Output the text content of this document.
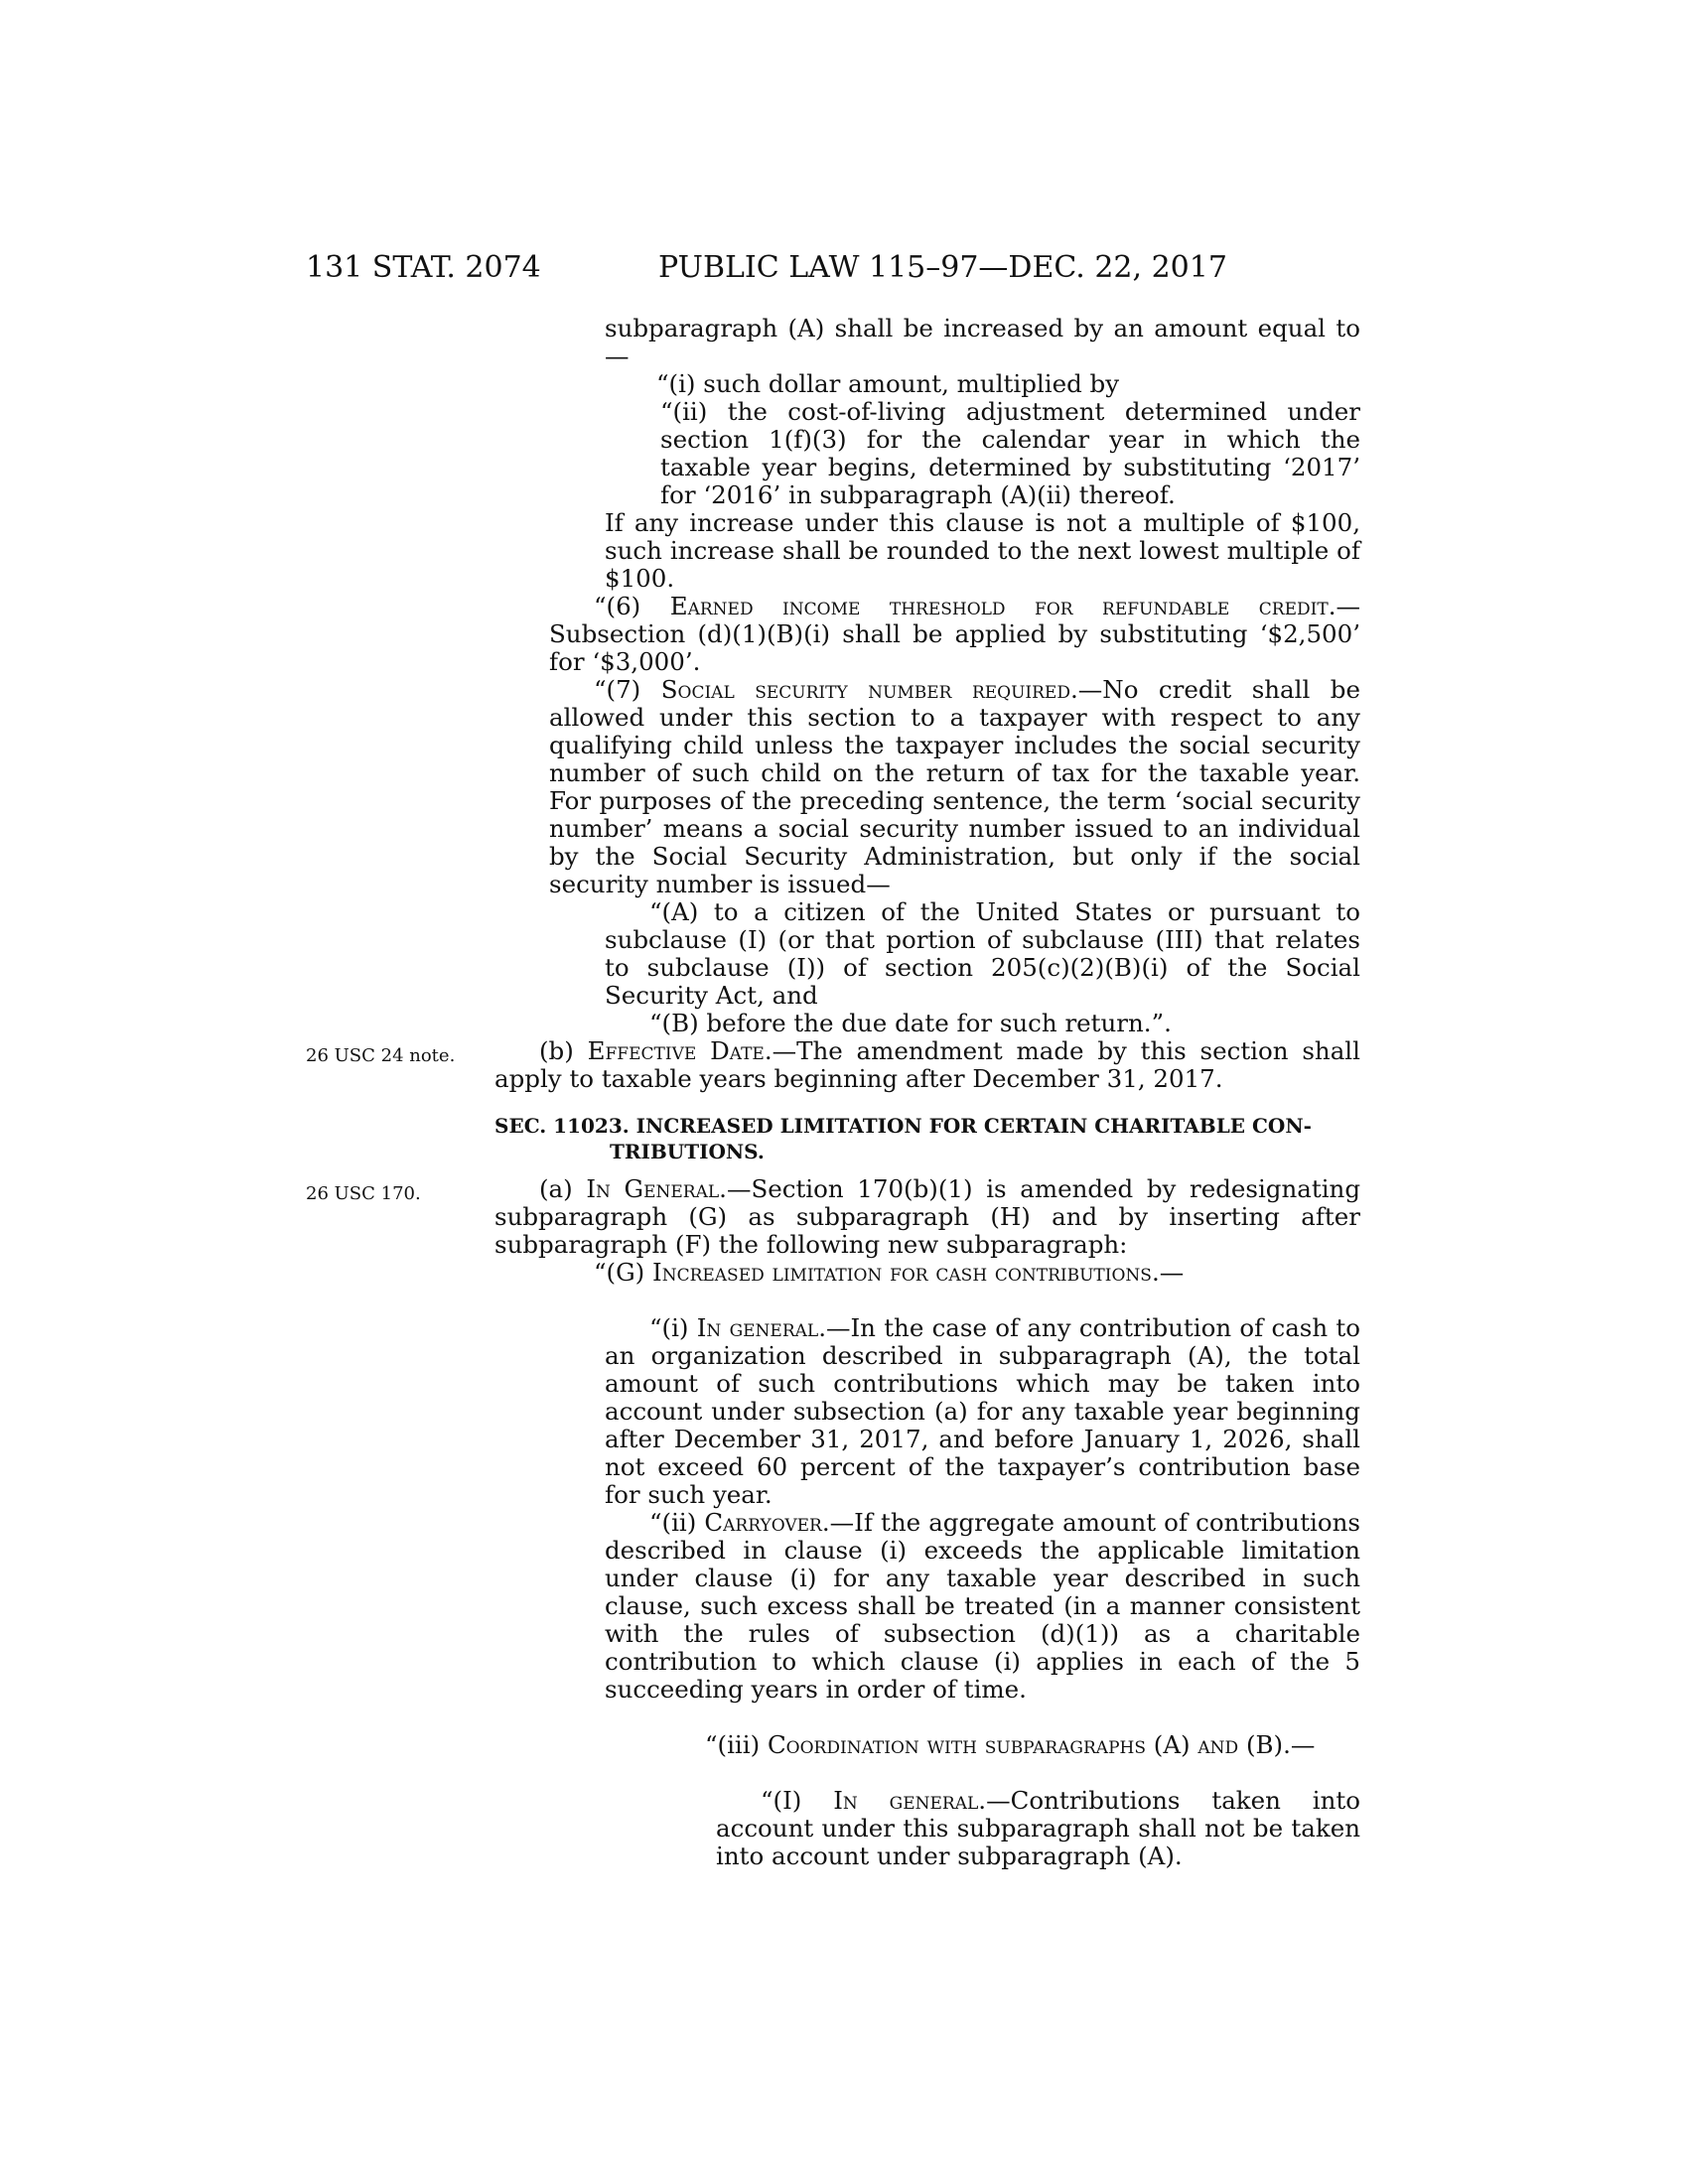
131 STAT. 2074	PUBLIC LAW 115–97—DEC. 22, 2017
subparagraph (A) shall be increased by an amount equal to—
“(i) such dollar amount, multiplied by
“(ii) the cost-of-living adjustment determined under section 1(f)(3) for the calendar year in which the taxable year begins, determined by substituting ‘2017’ for ‘2016’ in subparagraph (A)(ii) thereof.
If any increase under this clause is not a multiple of $100, such increase shall be rounded to the next lowest multiple of $100.
“(6) Earned income threshold for refundable credit.—Subsection (d)(1)(B)(i) shall be applied by substituting ‘$2,500’ for ‘$3,000’.
“(7) Social security number required.—No credit shall be allowed under this section to a taxpayer with respect to any qualifying child unless the taxpayer includes the social security number of such child on the return of tax for the taxable year. For purposes of the preceding sentence, the term ‘social security number’ means a social security number issued to an individual by the Social Security Administration, but only if the social security number is issued—
“(A) to a citizen of the United States or pursuant to subclause (I) (or that portion of subclause (III) that relates to subclause (I)) of section 205(c)(2)(B)(i) of the Social Security Act, and
“(B) before the due date for such return.”.
26 USC 24 note.	(b) Effective Date.—The amendment made by this section shall apply to taxable years beginning after December 31, 2017.
SEC. 11023. INCREASED LIMITATION FOR CERTAIN CHARITABLE CON-
TRIBUTIONS.
26 USC 170.	(a) In General.—Section 170(b)(1) is amended by redesignating subparagraph (G) as subparagraph (H) and by inserting after subparagraph (F) the following new subparagraph:
“(G) Increased limitation for cash contributions.—
“(i) In general.—In the case of any contribution of cash to an organization described in subparagraph (A), the total amount of such contributions which may be taken into account under subsection (a) for any taxable year beginning after December 31, 2017, and before January 1, 2026, shall not exceed 60 percent of the taxpayer’s contribution base for such year.
“(ii) Carryover.—If the aggregate amount of contributions described in clause (i) exceeds the applicable limitation under clause (i) for any taxable year described in such clause, such excess shall be treated (in a manner consistent with the rules of subsection (d)(1)) as a charitable contribution to which clause (i) applies in each of the 5 succeeding years in order of time.
“(iii) Coordination with subparagraphs (A) and (B).—
“(I) In general.—Contributions taken into account under this subparagraph shall not be taken into account under subparagraph (A).
